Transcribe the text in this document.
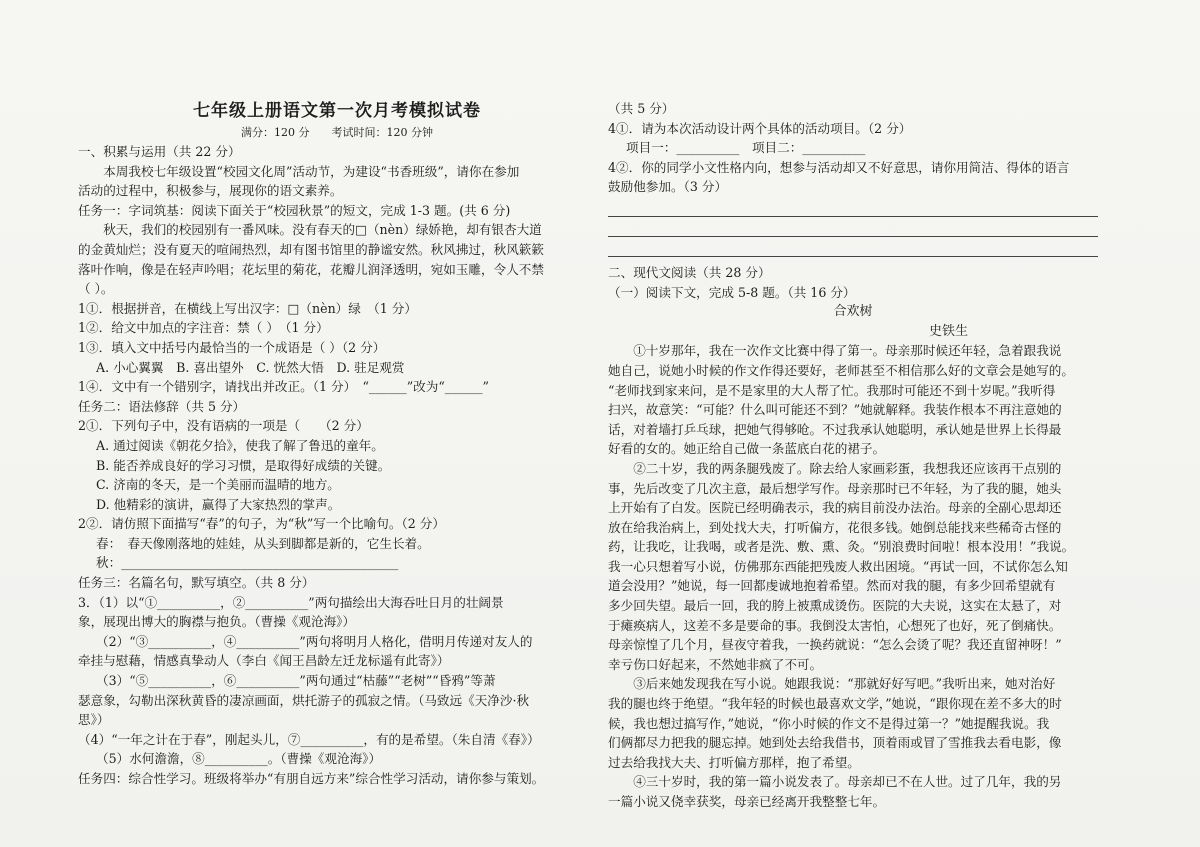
七年级上册语文第一次月考模拟试卷
满分：120 分　　考试时间：120 分钟
一、积累与运用（共 22 分）
本周我校七年级设置“校园文化周”活动节，为建设“书香班级”，请你在参加
活动的过程中，积极参与，展现你的语文素养。
任务一：字词筑基：阅读下面关于“校园秋景”的短文，完成 1-3 题。(共 6 分)
秋天，我们的校园别有一番风味。没有春天的□（nèn）绿娇艳，却有银杏大道
的金黄灿烂；没有夏天的喧闹热烈，却有图书馆里的静谧安然。秋风拂过，秋风簌簌
落叶作响，像是在轻声吟唱；花坛里的菊花，花瓣儿润泽透明，宛如玉雕，令人不禁
（ ）。
1①．根据拼音，在横线上写出汉字：□（nèn）绿　（1 分）
1②．给文中加点的字注音：禁（ ）　（1 分）
1③．填入文中括号内最恰当的一个成语是（ ）（2 分）
A. 小心翼翼　B. 喜出望外　C. 恍然大悟　D. 驻足观赏
1④．文中有一个错别字，请找出并改正。（1 分）　“______”改为“______”
任务二：语法修辞（共 5 分）
2①．下列句子中，没有语病的一项是（　　（2 分）
A. 通过阅读《朝花夕拾》，使我了解了鲁迅的童年。
B. 能否养成良好的学习习惯，是取得好成绩的关键。
C. 济南的冬天，是一个美丽而温晴的地方。
D. 他精彩的演讲，赢得了大家热烈的掌声。
2②．请仿照下面描写“春”的句子，为“秋”写一个比喻句。（2 分）
春：　春天像刚落地的娃娃，从头到脚都是新的，它生长着。
秋：____________________________________________
任务三：名篇名句，默写填空。（共 8 分）
3．（1）以“①__________，②__________”两句描绘出大海吞吐日月的壮阔景
象，展现出博大的胸襟与抱负。（曹操《观沧海》）
（2）“③__________，④__________”两句将明月人格化，借明月传递对友人的
牵挂与慰藉，情感真挚动人（李白《闻王昌龄左迁龙标遥有此寄》）
（3）“⑤__________，⑥__________”两句通过“枯藤”“老树”“昏鸦”等萧
瑟意象，勾勒出深秋黄昏的凄凉画面，烘托游子的孤寂之情。（马致远《天净沙·秋
思》）
（4）“一年之计在于春”，刚起头儿，⑦__________，有的是希望。（朱自清《春》）
（5）水何澹澹，⑧__________。（曹操《观沧海》）
任务四：综合性学习。班级将举办“有朋自远方来”综合性学习活动，请你参与策划。
（共 5 分）
4①．请为本次活动设计两个具体的活动项目。（2 分）
项目一：__________　项目二：__________
4②．你的同学小文性格内向，想参与活动却又不好意思，请你用简洁、得体的语言
鼓励他参加。（3 分）
二、现代文阅读（共 28 分）
（一）阅读下文，完成 5-8 题。（共 16 分）
合欢树
史铁生
①十岁那年，我在一次作文比赛中得了第一。母亲那时候还年轻，急着跟我说
她自己，说她小时候的作文作得还要好，老师甚至不相信那么好的文章会是她写的。
“老师找到家来问，是不是家里的大人帮了忙。我那时可能还不到十岁呢。”我听得
扫兴，故意笑：“可能？什么叫可能还不到？”她就解释。我装作根本不再注意她的
话，对着墙打乒乓球，把她气得够呛。不过我承认她聪明，承认她是世界上长得最
好看的女的。她正给自己做一条蓝底白花的裙子。
②二十岁，我的两条腿残废了。除去给人家画彩蛋，我想我还应该再干点别的
事，先后改变了几次主意，最后想学写作。母亲那时已不年轻，为了我的腿，她头
上开始有了白发。医院已经明确表示，我的病目前没办法治。母亲的全副心思却还
放在给我治病上，到处找大夫，打听偏方，花很多钱。她倒总能找来些稀奇古怪的
药，让我吃，让我喝，或者是洗、敷、熏、灸。“别浪费时间啦！根本没用！”我说。
我一心只想着写小说，仿佛那东西能把残废人救出困境。“再试一回，不试你怎么知
道会没用？”她说，每一回都虔诚地抱着希望。然而对我的腿，有多少回希望就有
多少回失望。最后一回，我的胯上被熏成烫伤。医院的大夫说，这实在太悬了，对
于瘫痪病人，这差不多是要命的事。我倒没太害怕，心想死了也好，死了倒痛快。
母亲惊惶了几个月，昼夜守着我，一换药就说：“怎么会烫了呢？我还直留神呀！”
幸亏伤口好起来，不然她非疯了不可。
③后来她发现我在写小说。她跟我说：“那就好好写吧。”我听出来，她对治好
我的腿也终于绝望。“我年轻的时候也最喜欢文学，”她说，“跟你现在差不多大的时
候，我也想过搞写作，”她说，“你小时候的作文不是得过第一？”她提醒我说。我
们俩都尽力把我的腿忘掉。她到处去给我借书，顶着雨或冒了雪推我去看电影，像
过去给我找大夫、打听偏方那样，抱了希望。
④三十岁时，我的第一篇小说发表了。母亲却已不在人世。过了几年，我的另
一篇小说又侥幸获奖，母亲已经离开我整整七年。
